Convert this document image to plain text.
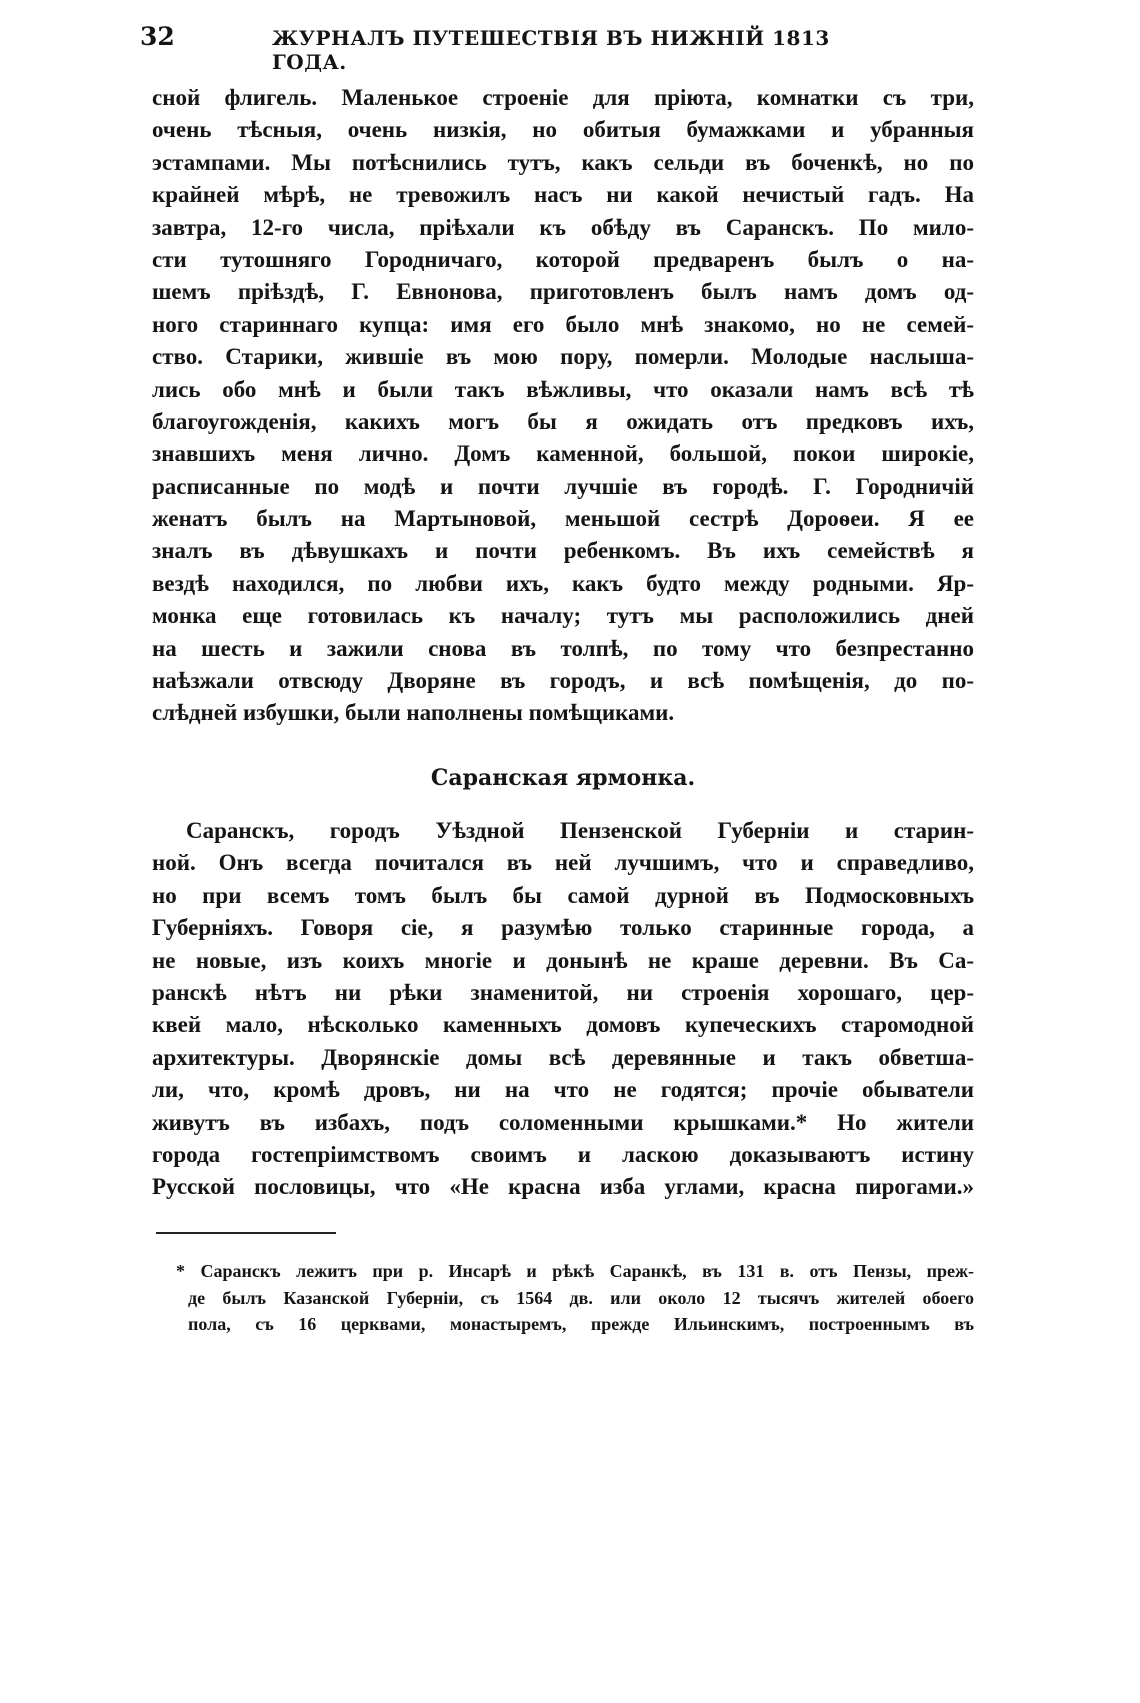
32	ЖУРНАЛЪ ПУТЕШЕСТВІЯ ВЪ НИЖНІЙ 1813 ГОДА.
сной флигель. Маленькое строеніе для пріюта, комнатки съ три,
очень тѣсныя, очень низкія, но обитыя бумажками и убранныя
эстампами. Мы потѣснились тутъ, какъ сельди въ боченкѣ, но по
крайней мѣрѣ, не тревожилъ насъ ни какой нечистый гадъ. На
завтра, 12-го числа, пріѣхали къ обѣду въ Саранскъ. По мило-
сти тутошняго Городничаго, которой предваренъ былъ о на-
шемъ пріѣздѣ, Г. Евнонова, приготовленъ былъ намъ домъ од-
ного стариннаго купца: имя его было мнѣ знакомо, но не семей-
ство. Старики, жившіе въ мою пору, померли. Молодые наслыша-
лись обо мнѣ и были такъ вѣжливы, что оказали намъ всѣ тѣ
благоугожденія, какихъ могъ бы я ожидать отъ предковъ ихъ,
знавшихъ меня лично. Домъ каменной, большой, покои широкіе,
расписанные по модѣ и почти лучшіе въ городѣ. Г. Городничій
женатъ былъ на Мартыновой, меньшой сестрѣ Дороѳеи. Я ее
зналъ въ дѣвушкахъ и почти ребенкомъ. Въ ихъ семействѣ я
вездѣ находился, по любви ихъ, какъ будто между родными. Яр-
монка еще готовилась къ началу; тутъ мы расположились дней
на шесть и зажили снова въ толпѣ, по тому что безпрестанно
наѣзжали отвсюду Дворяне въ городъ, и всѣ помѣщенія, до по-
слѣдней избушки, были наполнены помѣщиками.
Саранская ярмонка.
Саранскъ, городъ Уѣздной Пензенской Губерніи и старин-
ной. Онъ всегда почитался въ ней лучшимъ, что и справедливо,
но при всемъ томъ былъ бы самой дурной въ Подмосковныхъ
Губерніяхъ. Говоря сіе, я разумѣю только старинные города, а
не новые, изъ коихъ многіе и донынѣ не краше деревни. Въ Са-
ранскѣ нѣтъ ни рѣки знаменитой, ни строенія хорошаго, цер-
квей мало, нѣсколько каменныхъ домовъ купеческихъ старомодной
архитектуры. Дворянскіе домы всѣ деревянные и такъ обветша-
ли, что, кромѣ дровъ, ни на что не годятся; прочіе обыватели
живутъ въ избахъ, подъ соломенными крышками.* Но жители
города гостепріимствомъ своимъ и ласкою доказываютъ истину
Русской пословицы, что «Не красна изба углами, красна пирогами.»
* Саранскъ лежитъ при р. Инсарѣ и рѣкѣ Саранкѣ, въ 131 в. отъ Пензы, преж-
де былъ Казанской Губерніи, съ 1564 дв. или около 12 тысячъ жителей обоего
пола, съ 16 церквами, монастыремъ, прежде Ильинскимъ, построеннымъ въ
